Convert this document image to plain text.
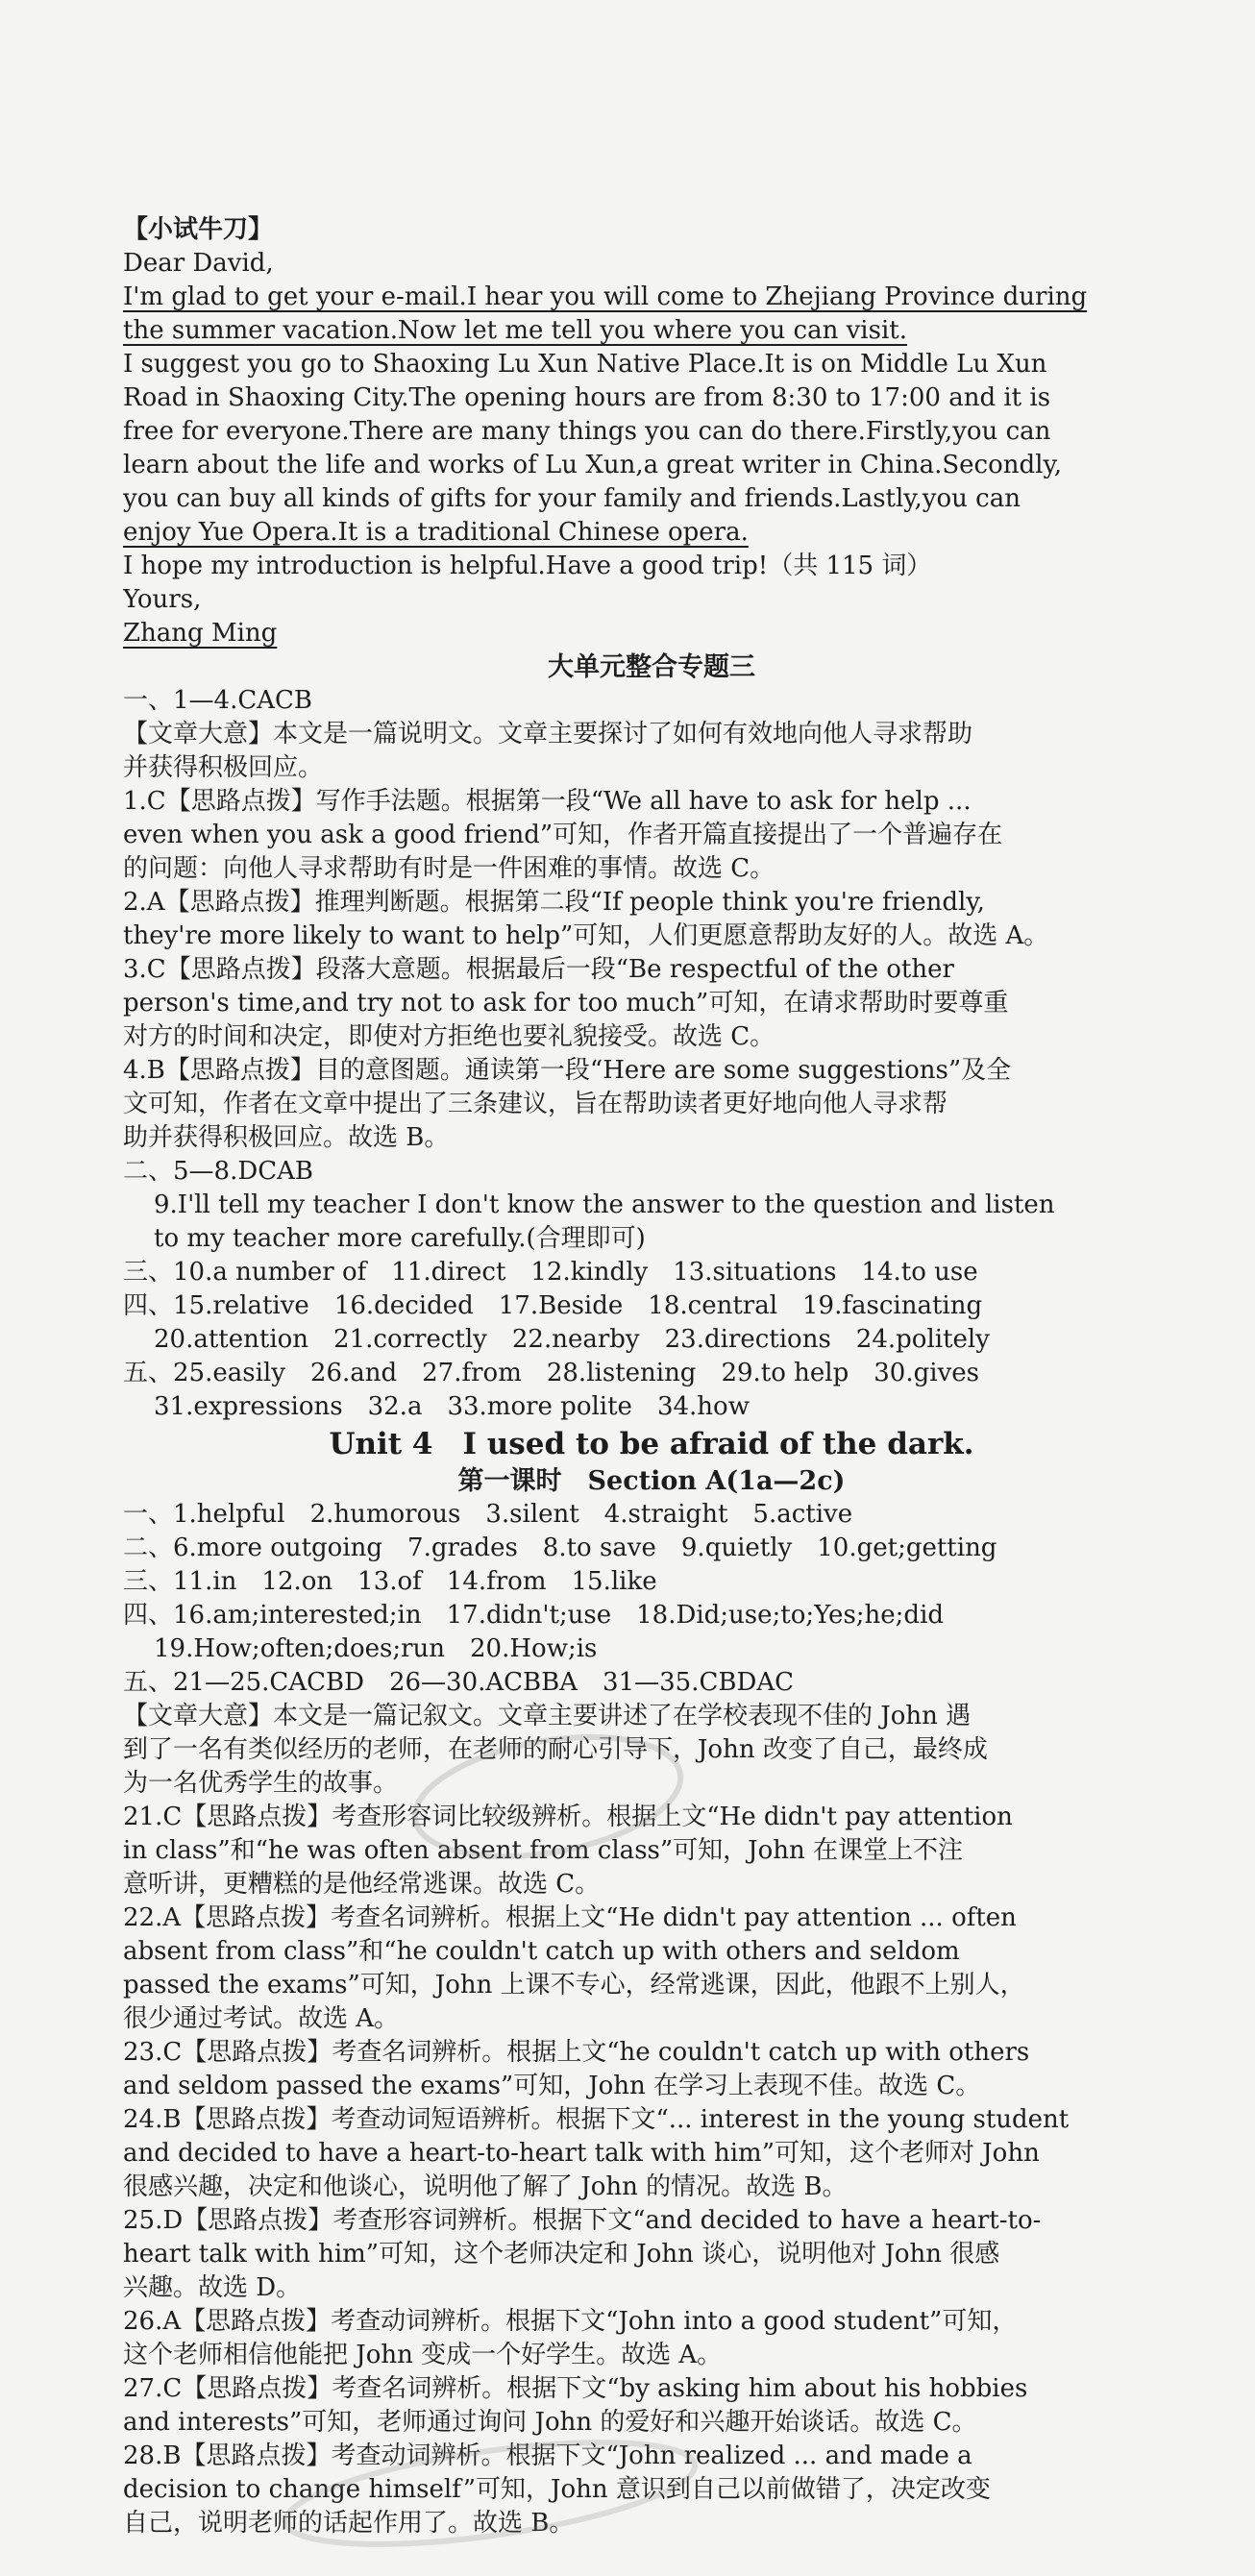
【小试牛刀】
Dear David,
I'm glad to get your e-mail.I hear you will come to Zhejiang Province during
the summer vacation.Now let me tell you where you can visit.
I suggest you go to Shaoxing Lu Xun Native Place.It is on Middle Lu Xun
Road in Shaoxing City.The opening hours are from 8:30 to 17:00 and it is
free for everyone.There are many things you can do there.Firstly,you can
learn about the life and works of Lu Xun,a great writer in China.Secondly,
you can buy all kinds of gifts for your family and friends.Lastly,you can
enjoy Yue Opera.It is a traditional Chinese opera.
I hope my introduction is helpful.Have a good trip!（共 115 词）
Yours,
Zhang Ming
大单元整合专题三
一、1—4.CACB
【文章大意】本文是一篇说明文。文章主要探讨了如何有效地向他人寻求帮助
并获得积极回应。
1.C【思路点拨】写作手法题。根据第一段“We all have to ask for help ...
even when you ask a good friend”可知，作者开篇直接提出了一个普遍存在
的问题：向他人寻求帮助有时是一件困难的事情。故选 C。
2.A【思路点拨】推理判断题。根据第二段“If people think you're friendly,
they're more likely to want to help”可知，人们更愿意帮助友好的人。故选 A。
3.C【思路点拨】段落大意题。根据最后一段“Be respectful of the other
person's time,and try not to ask for too much”可知，在请求帮助时要尊重
对方的时间和决定，即使对方拒绝也要礼貌接受。故选 C。
4.B【思路点拨】目的意图题。通读第一段“Here are some suggestions”及全
文可知，作者在文章中提出了三条建议，旨在帮助读者更好地向他人寻求帮
助并获得积极回应。故选 B。
二、5—8.DCAB
9.I'll tell my teacher I don't know the answer to the question and listen
to my teacher more carefully.(合理即可)
三、10.a number of　11.direct　12.kindly　13.situations　14.to use
四、15.relative　16.decided　17.Beside　18.central　19.fascinating
20.attention　21.correctly　22.nearby　23.directions　24.politely
五、25.easily　26.and　27.from　28.listening　29.to help　30.gives
31.expressions　32.a　33.more polite　34.how
Unit 4　I used to be afraid of the dark.
第一课时　Section A(1a—2c)
一、1.helpful　2.humorous　3.silent　4.straight　5.active
二、6.more outgoing　7.grades　8.to save　9.quietly　10.get;getting
三、11.in　12.on　13.of　14.from　15.like
四、16.am;interested;in　17.didn't;use　18.Did;use;to;Yes;he;did
19.How;often;does;run　20.How;is
五、21—25.CACBD　26—30.ACBBA　31—35.CBDAC
【文章大意】本文是一篇记叙文。文章主要讲述了在学校表现不佳的 John 遇
到了一名有类似经历的老师，在老师的耐心引导下，John 改变了自己，最终成
为一名优秀学生的故事。
21.C【思路点拨】考查形容词比较级辨析。根据上文“He didn't pay attention
in class”和“he was often absent from class”可知，John 在课堂上不注
意听讲，更糟糕的是他经常逃课。故选 C。
22.A【思路点拨】考查名词辨析。根据上文“He didn't pay attention ... often
absent from class”和“he couldn't catch up with others and seldom
passed the exams”可知，John 上课不专心，经常逃课，因此，他跟不上别人，
很少通过考试。故选 A。
23.C【思路点拨】考查名词辨析。根据上文“he couldn't catch up with others
and seldom passed the exams”可知，John 在学习上表现不佳。故选 C。
24.B【思路点拨】考查动词短语辨析。根据下文“... interest in the young student
and decided to have a heart-to-heart talk with him”可知，这个老师对 John
很感兴趣，决定和他谈心，说明他了解了 John 的情况。故选 B。
25.D【思路点拨】考查形容词辨析。根据下文“and decided to have a heart-to-
heart talk with him”可知，这个老师决定和 John 谈心，说明他对 John 很感
兴趣。故选 D。
26.A【思路点拨】考查动词辨析。根据下文“John into a good student”可知，
这个老师相信他能把 John 变成一个好学生。故选 A。
27.C【思路点拨】考查名词辨析。根据下文“by asking him about his hobbies
and interests”可知，老师通过询问 John 的爱好和兴趣开始谈话。故选 C。
28.B【思路点拨】考查动词辨析。根据下文“John realized ... and made a
decision to change himself”可知，John 意识到自己以前做错了，决定改变
自己，说明老师的话起作用了。故选 B。
